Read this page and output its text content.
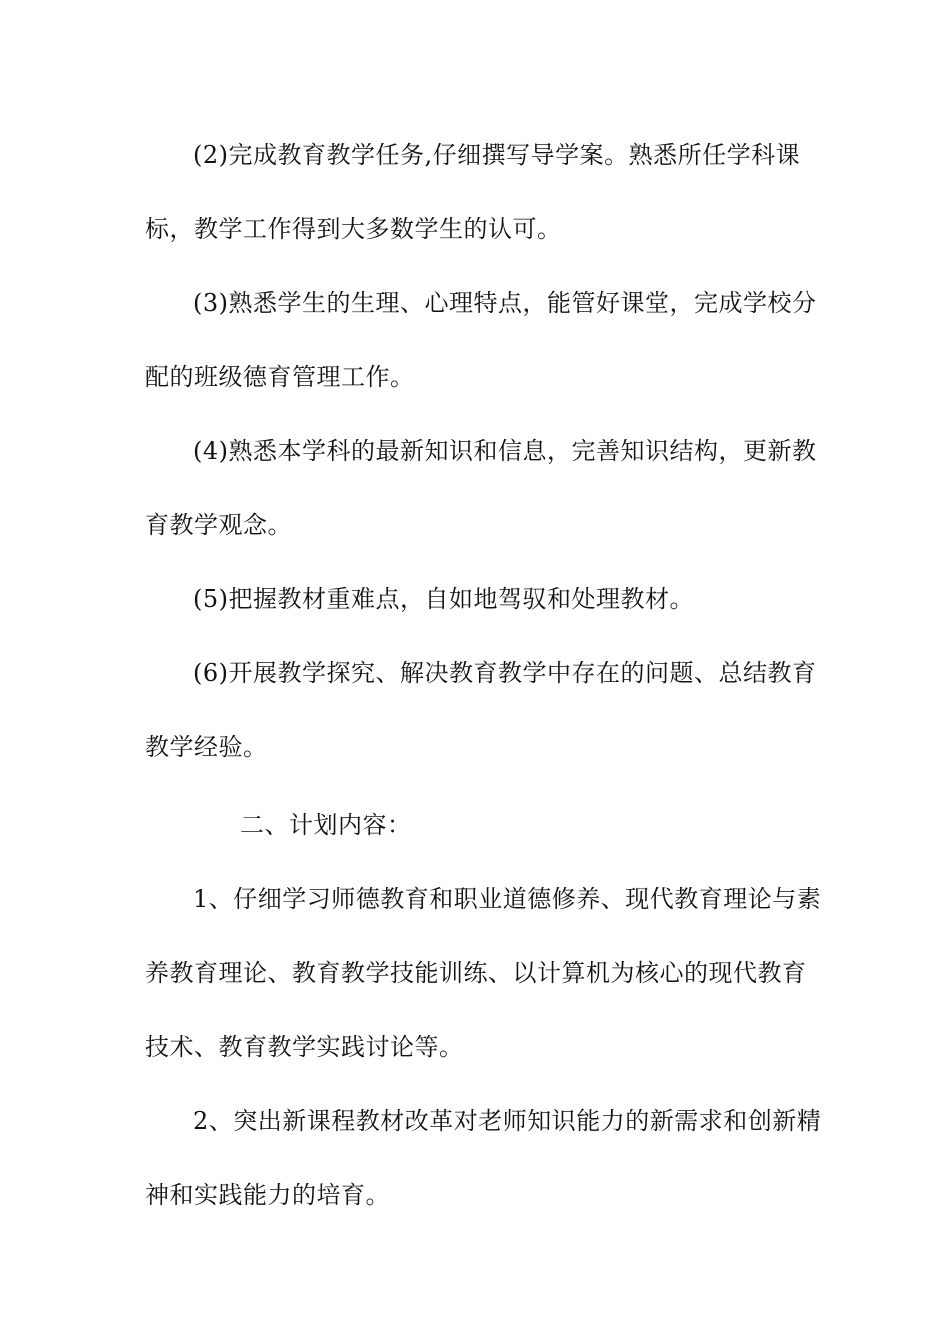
(2)完成教育教学任务,仔细撰写导学案。熟悉所任学科课
标，教学工作得到大多数学生的认可。
(3)熟悉学生的生理、心理特点，能管好课堂，完成学校分
配的班级德育管理工作。
(4)熟悉本学科的最新知识和信息，完善知识结构，更新教
育教学观念。
(5)把握教材重难点，自如地驾驭和处理教材。
(6)开展教学探究、解决教育教学中存在的问题、总结教育
教学经验。
二、计划内容：
1、仔细学习师德教育和职业道德修养、现代教育理论与素
养教育理论、教育教学技能训练、以计算机为核心的现代教育
技术、教育教学实践讨论等。
2、突出新课程教材改革对老师知识能力的新需求和创新精
神和实践能力的培育。
